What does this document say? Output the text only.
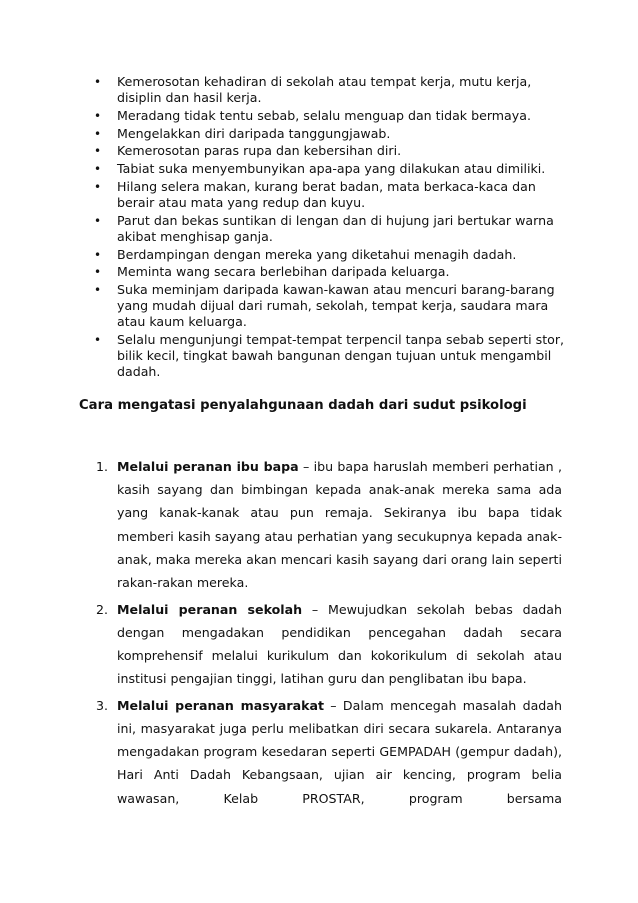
• Kemerosotan kehadiran di sekolah atau tempat kerja, mutu kerja, disiplin dan hasil kerja.
• Meradang tidak tentu sebab, selalu menguap dan tidak bermaya.
• Mengelakkan diri daripada tanggungjawab.
• Kemerosotan paras rupa dan kebersihan diri.
• Tabiat suka menyembunyikan apa-apa yang dilakukan atau dimiliki.
• Hilang selera makan, kurang berat badan, mata berkaca-kaca dan berair atau mata yang redup dan kuyu.
• Parut dan bekas suntikan di lengan dan di hujung jari bertukar warna akibat menghisap ganja.
• Berdampingan dengan mereka yang diketahui menagih dadah.
• Meminta wang secara berlebihan daripada keluarga.
• Suka meminjam daripada kawan-kawan atau mencuri barang-barang yang mudah dijual dari rumah, sekolah, tempat kerja, saudara mara atau kaum keluarga.
• Selalu mengunjungi tempat-tempat terpencil tanpa sebab seperti stor, bilik kecil, tingkat bawah bangunan dengan tujuan untuk mengambil dadah.
Cara mengatasi penyalahgunaan dadah dari sudut psikologi
1. Melalui peranan ibu bapa – ibu bapa haruslah memberi perhatian , kasih sayang dan bimbingan kepada anak-anak mereka sama ada yang kanak-kanak atau pun remaja. Sekiranya ibu bapa tidak memberi kasih sayang atau perhatian yang secukupnya kepada anak-anak, maka mereka akan mencari kasih sayang dari orang lain seperti rakan-rakan mereka.
2. Melalui peranan sekolah – Mewujudkan sekolah bebas dadah dengan mengadakan pendidikan pencegahan dadah secara komprehensif melalui kurikulum dan kokorikulum di sekolah atau institusi pengajian tinggi, latihan guru dan penglibatan ibu bapa.
3. Melalui peranan masyarakat – Dalam mencegah masalah dadah ini, masyarakat juga perlu melibatkan diri secara sukarela. Antaranya mengadakan program kesedaran seperti GEMPADAH (gempur dadah), Hari Anti Dadah Kebangsaan, ujian air kencing, program belia wawasan, Kelab PROSTAR, program bersama
